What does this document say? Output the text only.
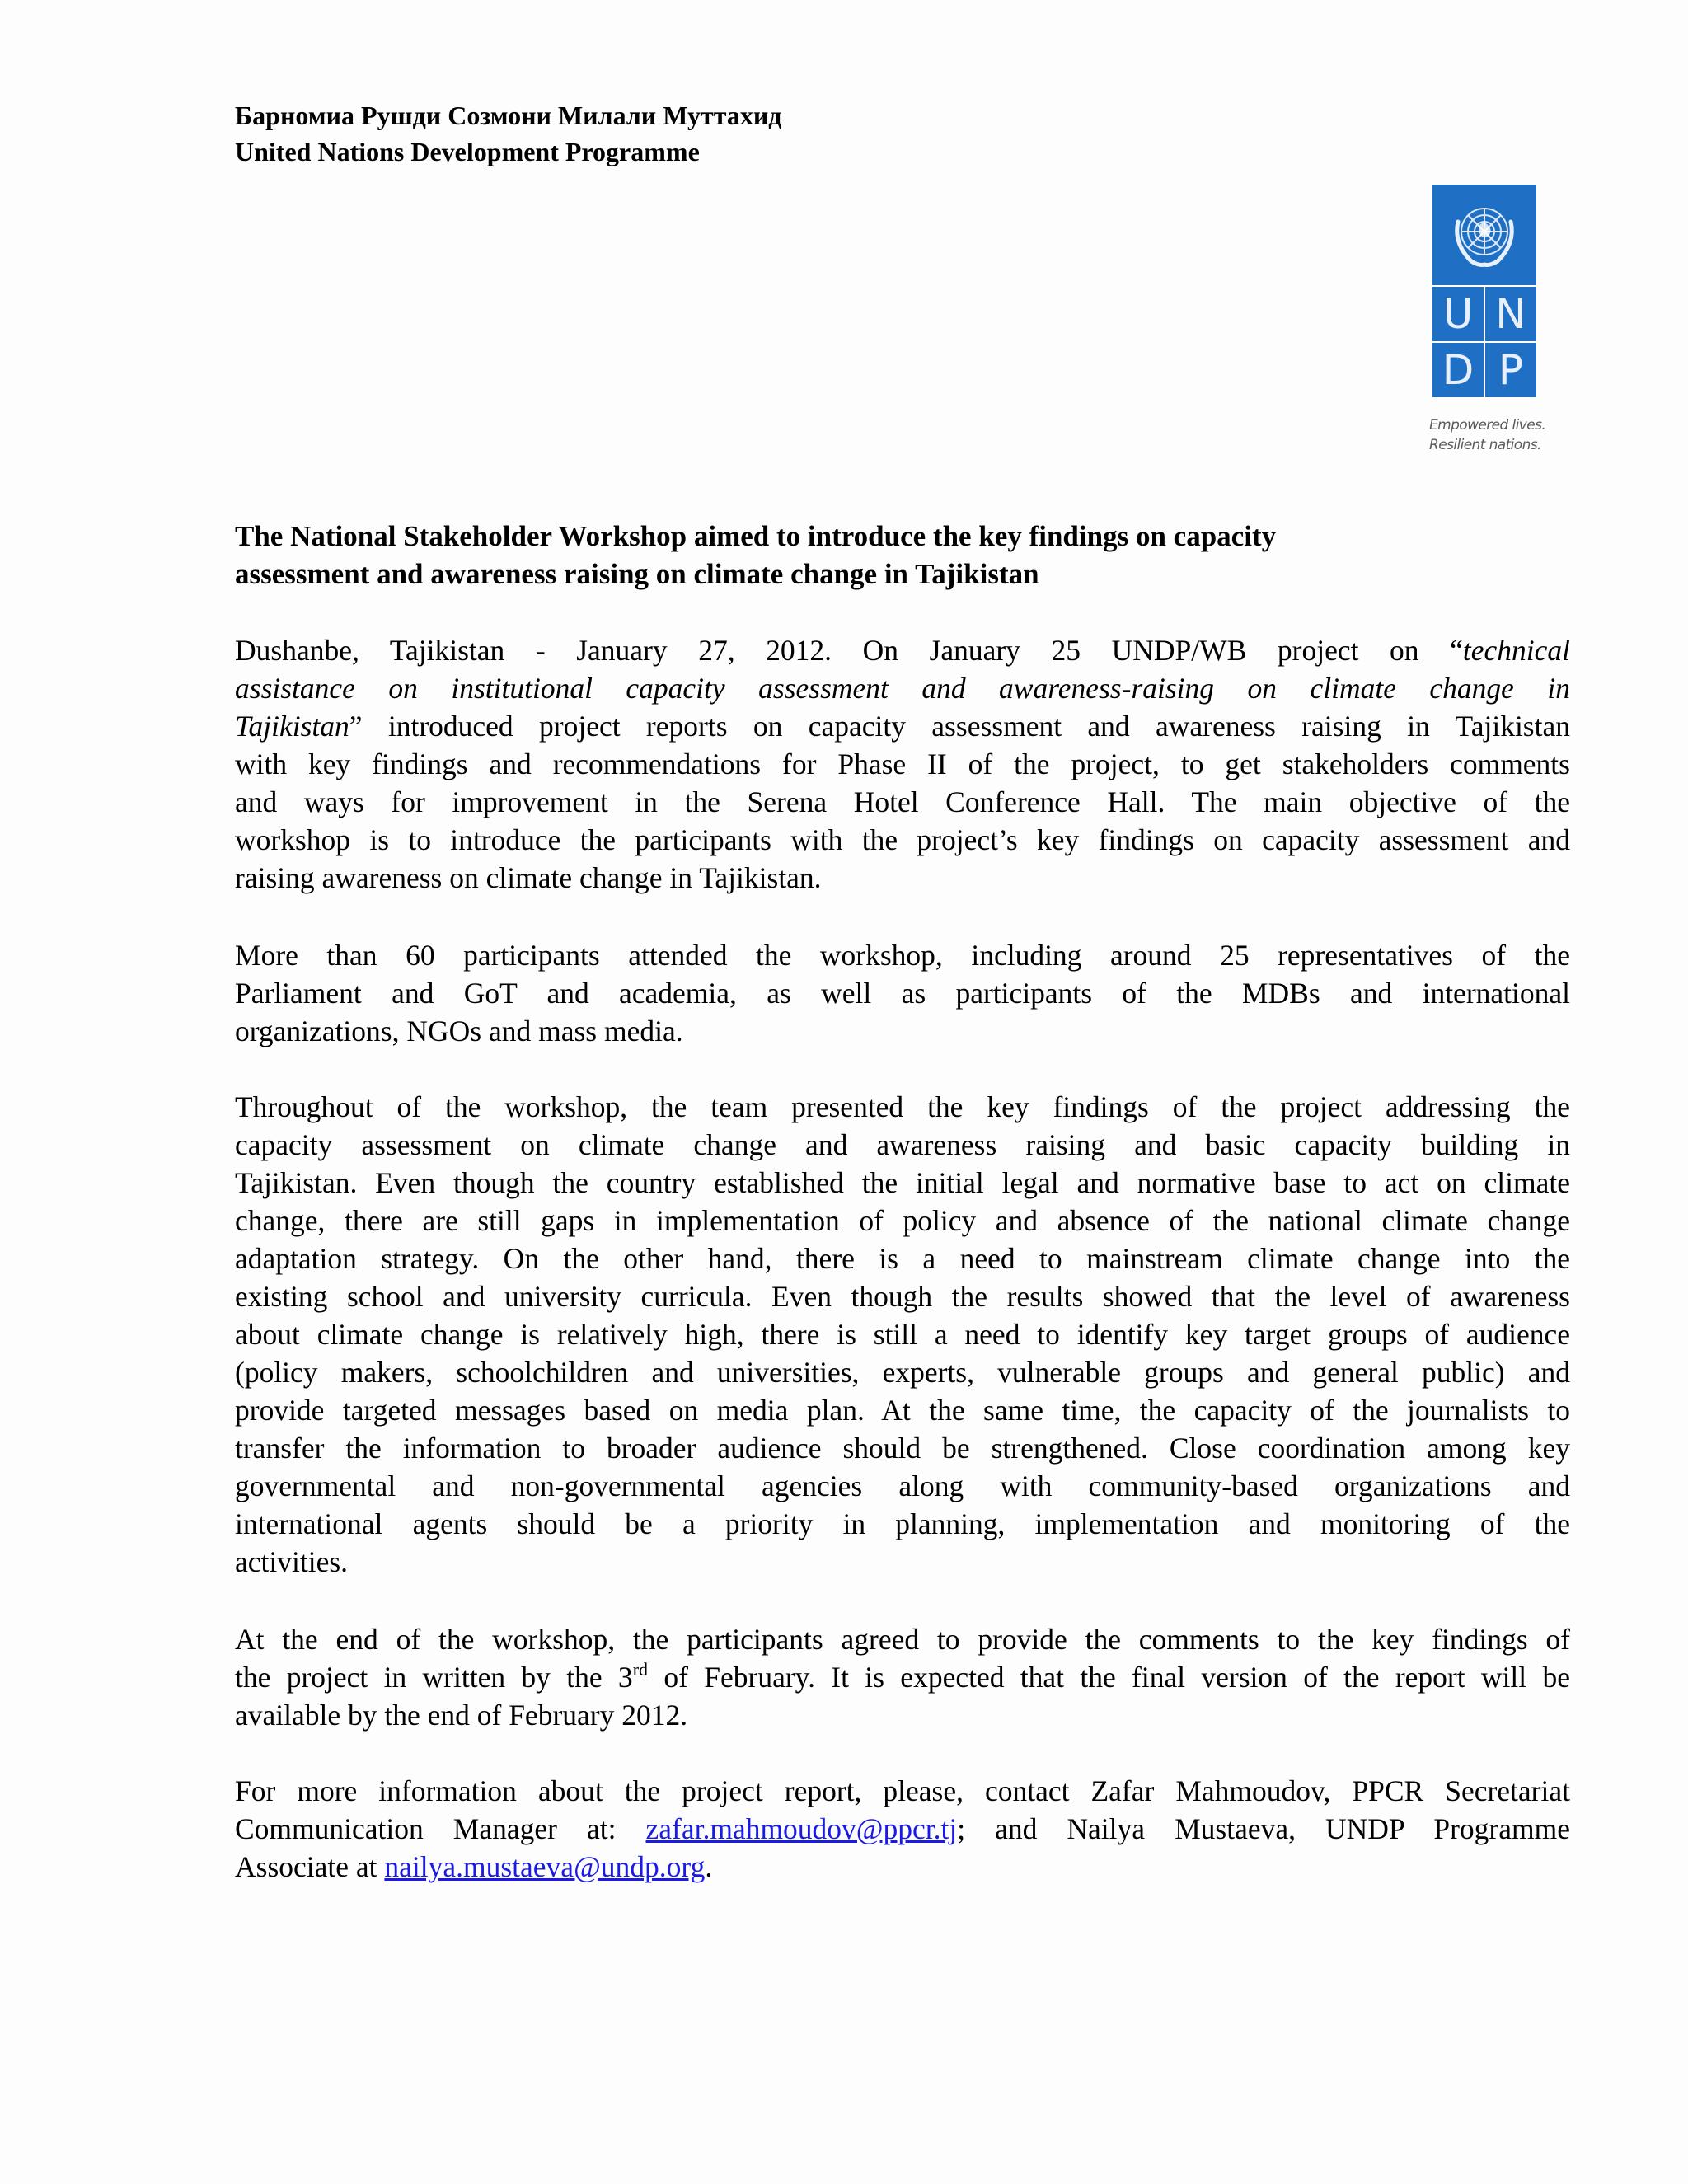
Барномиа Рушди Созмони Милали Муттахид
United Nations Development Programme
U N
D P
Empowered lives.
Resilient nations.
The National Stakeholder Workshop aimed to introduce the key findings on capacity
assessment and awareness raising on climate change in Tajikistan
Dushanbe, Tajikistan - January 27, 2012. On January 25 UNDP/WB project on “technical
assistance on institutional capacity assessment and awareness-raising on climate change in
Tajikistan” introduced project reports on capacity assessment and awareness raising in Tajikistan
with key findings and recommendations for Phase II of the project, to get stakeholders comments
and ways for improvement in the Serena Hotel Conference Hall. The main objective of the
workshop is to introduce the participants with the project’s key findings on capacity assessment and
raising awareness on climate change in Tajikistan.
More than 60 participants attended the workshop, including around 25 representatives of the
Parliament and GoT and academia, as well as participants of the MDBs and international
organizations, NGOs and mass media.
Throughout of the workshop, the team presented the key findings of the project addressing the
capacity assessment on climate change and awareness raising and basic capacity building in
Tajikistan. Even though the country established the initial legal and normative base to act on climate
change, there are still gaps in implementation of policy and absence of the national climate change
adaptation strategy. On the other hand, there is a need to mainstream climate change into the
existing school and university curricula. Even though the results showed that the level of awareness
about climate change is relatively high, there is still a need to identify key target groups of audience
(policy makers, schoolchildren and universities, experts, vulnerable groups and general public) and
provide targeted messages based on media plan. At the same time, the capacity of the journalists to
transfer the information to broader audience should be strengthened. Close coordination among key
governmental and non-governmental agencies along with community-based organizations and
international agents should be a priority in planning, implementation and monitoring of the
activities.
At the end of the workshop, the participants agreed to provide the comments to the key findings of
the project in written by the 3rd of February. It is expected that the final version of the report will be
available by the end of February 2012.
For more information about the project report, please, contact Zafar Mahmoudov, PPCR Secretariat
Communication Manager at: zafar.mahmoudov@ppcr.tj; and Nailya Mustaeva, UNDP Programme
Associate at nailya.mustaeva@undp.org.
